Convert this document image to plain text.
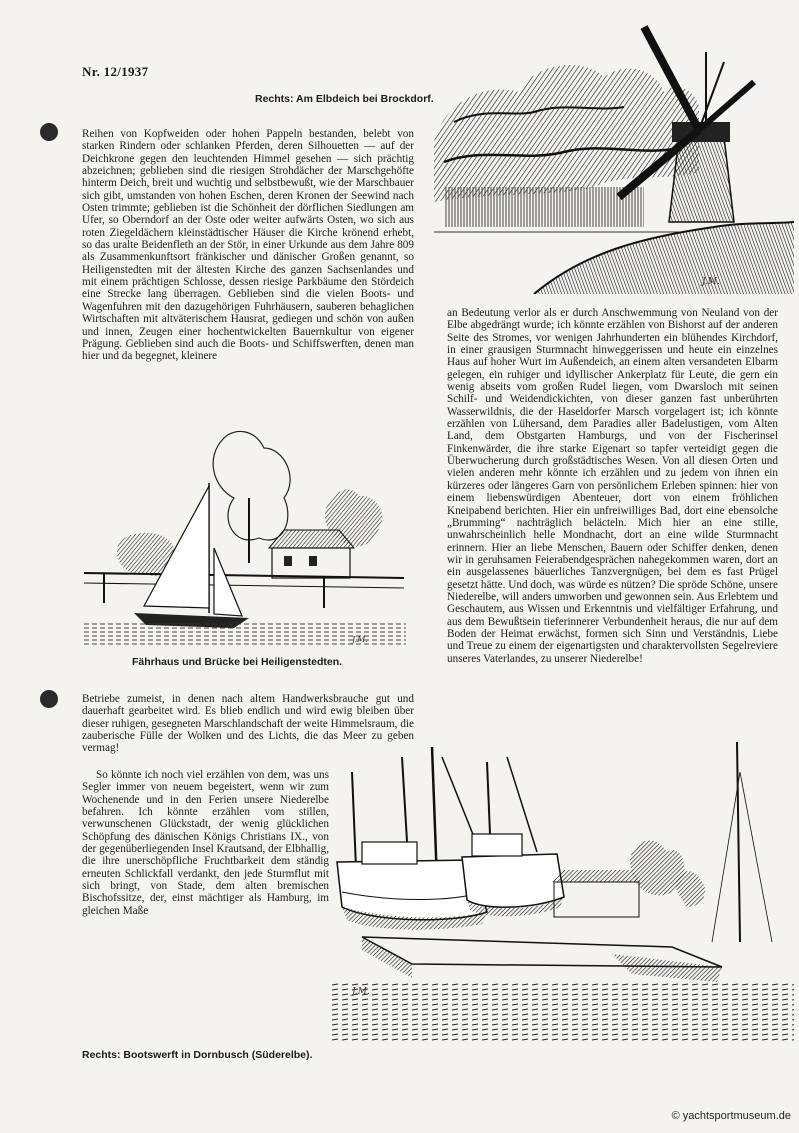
Nr. 12/1937
Rechts: Am Elbdeich bei Brockdorf.

Reihen von Kopfweiden oder hohen Pappeln bestanden, belebt von starken Rindern oder schlanken Pferden, deren Silhouetten — auf der Deichkrone gegen den leuchtenden Himmel gesehen — sich prächtig abzeichnen; geblieben sind die riesigen Strohdächer der Marschgehöfte hinterm Deich, breit und wuchtig und selbstbewußt, wie der Marschbauer sich gibt, umstanden von hohen Eschen, deren Kronen der Seewind nach Osten trimmte; geblieben ist die Schönheit der dörflichen Siedlungen am Ufer, so Oberndorf an der Oste oder weiter aufwärts Osten, wo sich aus roten Ziegeldächern kleinstädtischer Häuser die Kirche krönend erhebt, so das uralte Beidenfleth an der Stör, in einer Urkunde aus dem Jahre 809 als Zusammenkunftsort fränkischer und dänischer Großen genannt, so Heiligenstedten mit der ältesten Kirche des ganzen Sachsenlandes und mit einem prächtigen Schlosse, dessen riesige Parkbäume den Stördeich eine Strecke lang überragen. Geblieben sind die vielen Boots- und Wagenfuhren mit den dazugehörigen Fuhrhäusern, sauberen behaglichen Wirtschaften mit altväterischem Hausrat, gediegen und schön von außen und innen, Zeugen einer hochentwickelten Bauernkultur von eigener Prägung. Geblieben sind auch die Boots- und Schiffswerften, denen man hier und da begegnet, kleinere

J.M.

an Bedeutung verlor als er durch Anschwemmung von Neuland von der Elbe abgedrängt wurde; ich könnte erzählen von Bishorst auf der anderen Seite des Stromes, vor wenigen Jahrhunderten ein blühendes Kirchdorf, in einer grausigen Sturmnacht hinweggerissen und heute ein einzelnes Haus auf hoher Wurt im Außendeich, an einem alten versandeten Elbarm gelegen, ein ruhiger und idyllischer Ankerplatz für Leute, die gern ein wenig abseits vom großen Rudel liegen, vom Dwarsloch mit seinen Schilf- und Weidendickichten, von dieser ganzen fast unberührten Wasserwildnis, die der Haseldorfer Marsch vorgelagert ist; ich könnte erzählen von Lühersand, dem Paradies aller Badelustigen, vom Alten Land, dem Obstgarten Hamburgs, und von der Fischerinsel Finkenwärder, die ihre starke Eigenart so tapfer verteidigt gegen die Überwucherung durch großstädtisches Wesen. Von all diesen Orten und vielen anderen mehr könnte ich erzählen und zu jedem von ihnen ein kürzeres oder längeres Garn von persönlichem Erleben spinnen: hier von einem liebenswürdigen Abenteuer, dort von einem fröhlichen Kneipabend berichten. Hier ein unfreiwilliges Bad, dort eine ebensolche „Brumming“ nachträglich beläcteln. Mich hier an eine stille, unwahrscheinlich helle Mondnacht, dort an eine wilde Sturmnacht erinnern. Hier an liebe Menschen, Bauern oder Schiffer denken, denen wir in geruhsamen Feierabendgesprächen nahegekommen waren, dort an ein ausgelassenes bäuerliches Tanzvergnügen, bei dem es fast Prügel gesetzt hätte. Und doch, was würde es nützen? Die spröde Schöne, unsere Niederelbe, will anders umworben und gewonnen sein. Aus Erlebtem und Geschautem, aus Wissen und Erkenntnis und vielfältiger Erfahrung, und aus dem Bewußtsein tieferinnerer Verbundenheit heraus, die nur auf dem Boden der Heimat erwächst, formen sich Sinn und Verständnis, Liebe und Treue zu einem der eigenartigsten und charaktervollsten Segelreviere unseres Vaterlandes, zu unserer Niederelbe!

J.M.
Fährhaus und Brücke bei Heiligenstedten.

Betriebe zumeist, in denen nach altem Handwerksbrauche gut und dauerhaft gearbeitet wird. Es blieb endlich und wird ewig bleiben über dieser ruhigen, gesegneten Marschlandschaft der weite Himmelsraum, die zauberische Fülle der Wolken und des Lichts, die das Meer zu geben vermag!

So könnte ich noch viel erzählen von dem, was uns Segler immer von neuem begeistert, wenn wir zum Wochenende und in den Ferien unsere Niederelbe befahren. Ich könnte erzählen vom stillen, verwunschenen Glückstadt, der wenig glücklichen Schöpfung des dänischen Königs Christians IX., von der gegenüberliegenden Insel Krautsand, der Elbhallig, die ihre unerschöpfliche Fruchtbarkeit dem ständig erneuten Schlickfall verdankt, den jede Sturmflut mit sich bringt, von Stade, dem alten bremischen Bischofssitze, der, einst mächtiger als Hamburg, im gleichen Maße

J.M.
Rechts: Bootswerft in Dornbusch (Süderelbe).
© yachtsportmuseum.de
